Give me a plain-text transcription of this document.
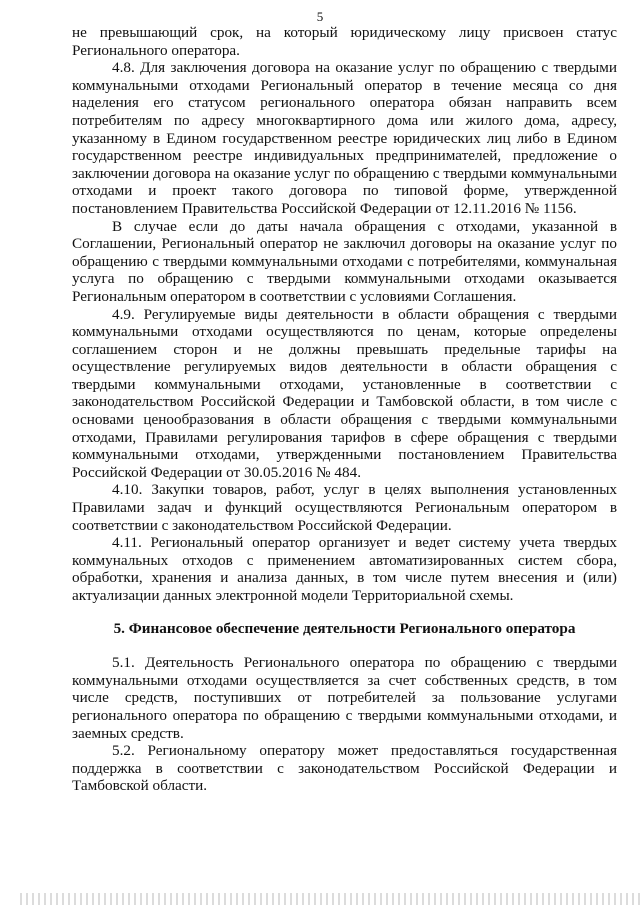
5

не превышающий срок, на который юридическому лицу присвоен статус Регионального оператора.

4.8. Для заключения договора на оказание услуг по обращению с твердыми коммунальными отходами Региональный оператор в течение месяца со дня наделения его статусом регионального оператора обязан направить всем потребителям по адресу многоквартирного дома или жилого дома, адресу, указанному в Едином государственном реестре юридических лиц либо в Едином государственном реестре индивидуальных предпринимателей, предложение о заключении договора на оказание услуг по обращению с твердыми коммунальными отходами и проект такого договора по типовой форме, утвержденной постановлением Правительства Российской Федерации от 12.11.2016 № 1156.

В случае если до даты начала обращения с отходами, указанной в Соглашении, Региональный оператор не заключил договоры на оказание услуг по обращению с твердыми коммунальными отходами с потребителями, коммунальная услуга по обращению с твердыми коммунальными отходами оказывается Региональным оператором в соответствии с условиями Соглашения.

4.9. Регулируемые виды деятельности в области обращения с твердыми коммунальными отходами осуществляются по ценам, которые определены соглашением сторон и не должны превышать предельные тарифы на осуществление регулируемых видов деятельности в области обращения с твердыми коммунальными отходами, установленные в соответствии с законодательством Российской Федерации и Тамбовской области, в том числе с основами ценообразования в области обращения с твердыми коммунальными отходами, Правилами регулирования тарифов в сфере обращения с твердыми коммунальными отходами, утвержденными постановлением Правительства Российской Федерации от 30.05.2016 № 484.

4.10. Закупки товаров, работ, услуг в целях выполнения установленных Правилами задач и функций осуществляются Региональным оператором в соответствии с законодательством Российской Федерации.

4.11. Региональный оператор организует и ведет систему учета твердых коммунальных отходов с применением автоматизированных систем сбора, обработки, хранения и анализа данных, в том числе путем внесения и (или) актуализации данных электронной модели Территориальной схемы.

5. Финансовое обеспечение деятельности Регионального оператора

5.1. Деятельность Регионального оператора по обращению с твердыми коммунальными отходами осуществляется за счет собственных средств, в том числе средств, поступивших от потребителей за пользование услугами регионального оператора по обращению с твердыми коммунальными отходами, и заемных средств.

5.2. Региональному оператору может предоставляться государственная поддержка в соответствии с законодательством Российской Федерации и Тамбовской области.
